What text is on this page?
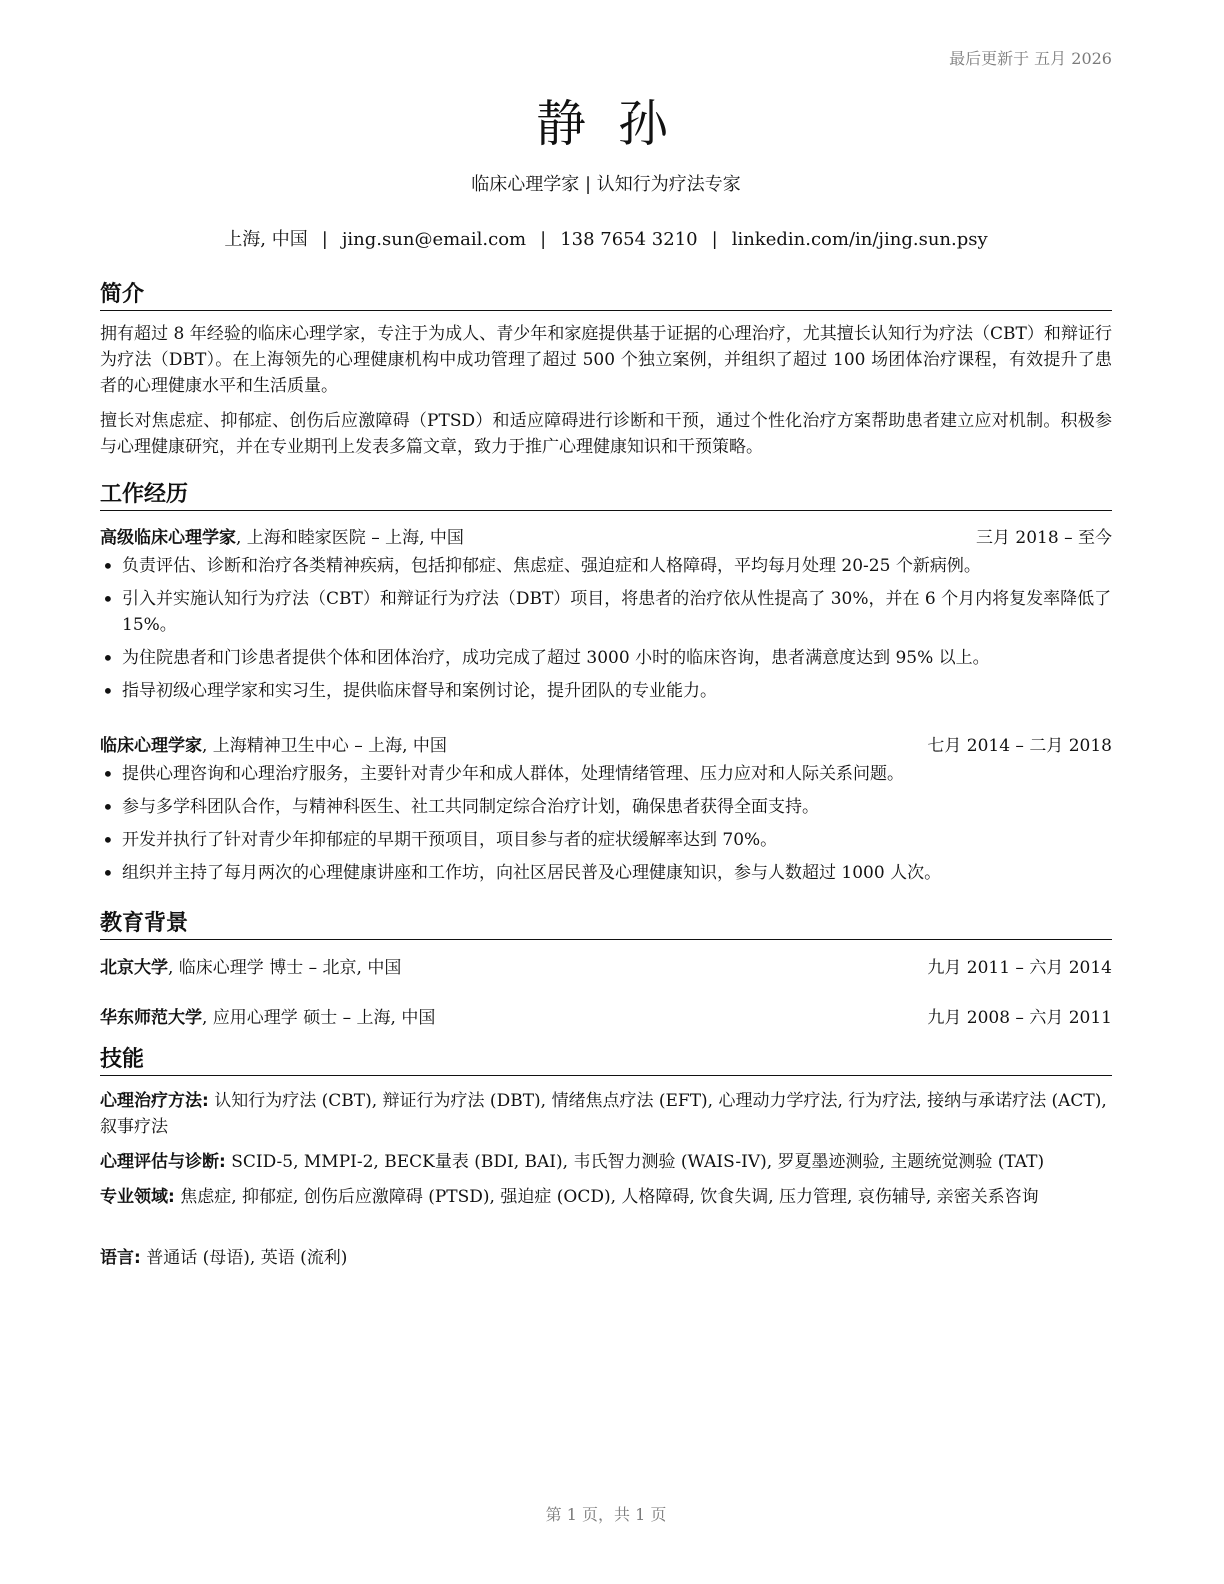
最后更新于 五月 2026
静 孙
临床心理学家 | 认知行为疗法专家
上海, 中国 | jing.sun@email.com | 138 7654 3210 | linkedin.com/in/jing.sun.psy
简介
拥有超过 8 年经验的临床心理学家，专注于为成人、青少年和家庭提供基于证据的心理治疗，尤其擅长认知行为疗法（CBT）和辩证行为疗法（DBT）。在上海领先的心理健康机构中成功管理了超过 500 个独立案例，并组织了超过 100 场团体治疗课程，有效提升了患者的心理健康水平和生活质量。
擅长对焦虑症、抑郁症、创伤后应激障碍（PTSD）和适应障碍进行诊断和干预，通过个性化治疗方案帮助患者建立应对机制。积极参与心理健康研究，并在专业期刊上发表多篇文章，致力于推广心理健康知识和干预策略。
工作经历
高级临床心理学家, 上海和睦家医院 – 上海, 中国	三月 2018 – 至今
• 负责评估、诊断和治疗各类精神疾病，包括抑郁症、焦虑症、强迫症和人格障碍，平均每月处理 20-25 个新病例。
• 引入并实施认知行为疗法（CBT）和辩证行为疗法（DBT）项目，将患者的治疗依从性提高了 30%，并在 6 个月内将复发率降低了 15%。
• 为住院患者和门诊患者提供个体和团体治疗，成功完成了超过 3000 小时的临床咨询，患者满意度达到 95% 以上。
• 指导初级心理学家和实习生，提供临床督导和案例讨论，提升团队的专业能力。
临床心理学家, 上海精神卫生中心 – 上海, 中国	七月 2014 – 二月 2018
• 提供心理咨询和心理治疗服务，主要针对青少年和成人群体，处理情绪管理、压力应对和人际关系问题。
• 参与多学科团队合作，与精神科医生、社工共同制定综合治疗计划，确保患者获得全面支持。
• 开发并执行了针对青少年抑郁症的早期干预项目，项目参与者的症状缓解率达到 70%。
• 组织并主持了每月两次的心理健康讲座和工作坊，向社区居民普及心理健康知识，参与人数超过 1000 人次。
教育背景
北京大学, 临床心理学 博士 – 北京, 中国	九月 2011 – 六月 2014
华东师范大学, 应用心理学 硕士 – 上海, 中国	九月 2008 – 六月 2011
技能
心理治疗方法: 认知行为疗法 (CBT), 辩证行为疗法 (DBT), 情绪焦点疗法 (EFT), 心理动力学疗法, 行为疗法, 接纳与承诺疗法 (ACT), 叙事疗法
心理评估与诊断: SCID-5, MMPI-2, BECK量表 (BDI, BAI), 韦氏智力测验 (WAIS-IV), 罗夏墨迹测验, 主题统觉测验 (TAT)
专业领域: 焦虑症, 抑郁症, 创伤后应激障碍 (PTSD), 强迫症 (OCD), 人格障碍, 饮食失调, 压力管理, 哀伤辅导, 亲密关系咨询
语言: 普通话 (母语), 英语 (流利)
第 1 页，共 1 页
